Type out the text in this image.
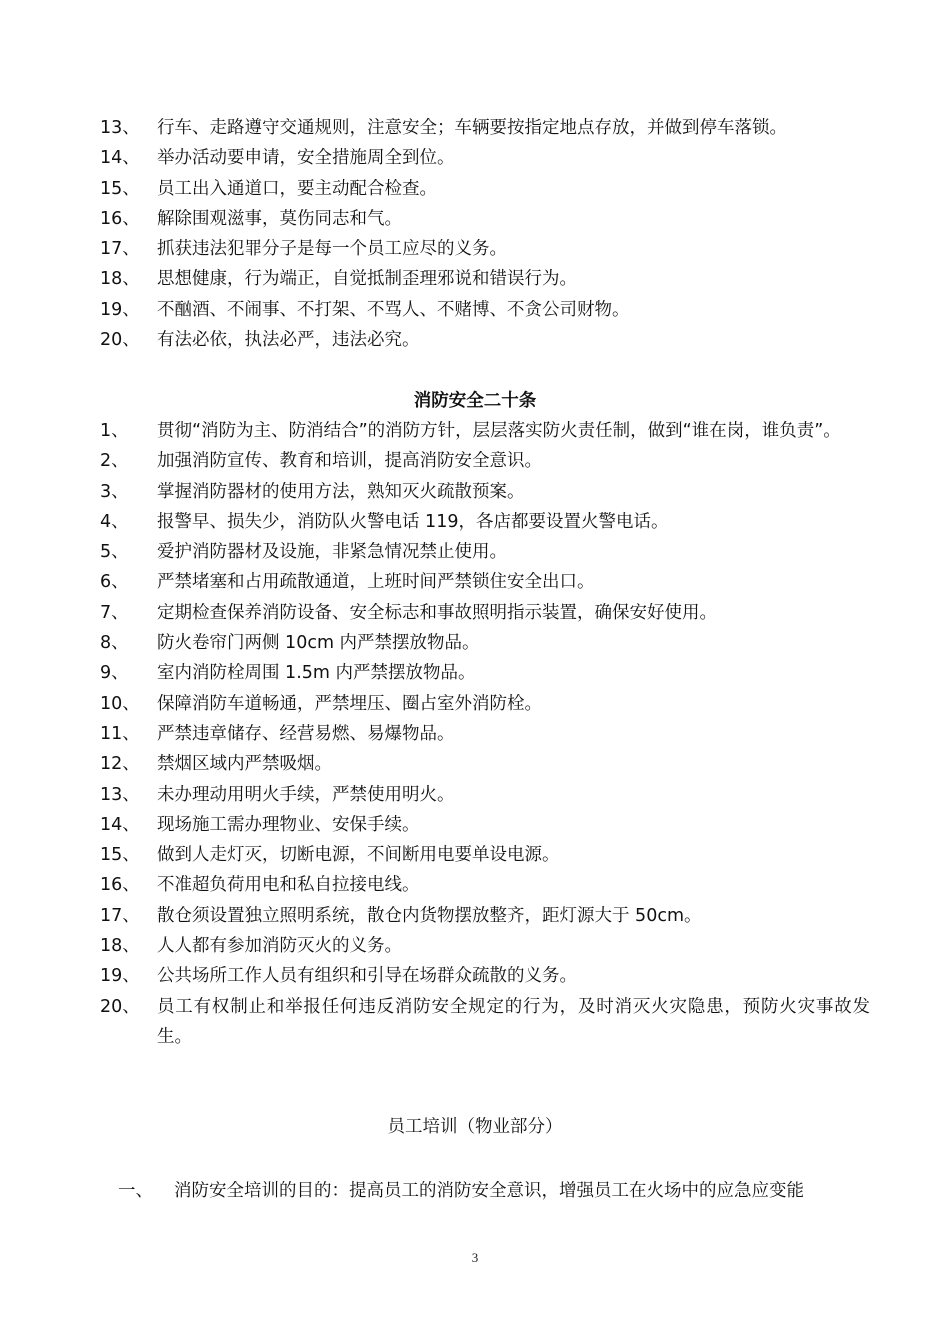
13、 行车、走路遵守交通规则，注意安全；车辆要按指定地点存放，并做到停车落锁。
14、 举办活动要申请，安全措施周全到位。
15、 员工出入通道口，要主动配合检查。
16、 解除围观滋事，莫伤同志和气。
17、 抓获违法犯罪分子是每一个员工应尽的义务。
18、 思想健康，行为端正，自觉抵制歪理邪说和错误行为。
19、 不酗酒、不闹事、不打架、不骂人、不赌博、不贪公司财物。
20、 有法必依，执法必严，违法必究。
消防安全二十条
1、	贯彻“消防为主、防消结合”的消防方针，层层落实防火责任制，做到“谁在岗，谁负责”。
2、	加强消防宣传、教育和培训，提高消防安全意识。
3、	掌握消防器材的使用方法，熟知灭火疏散预案。
4、	报警早、损失少，消防队火警电话 119，各店都要设置火警电话。
5、	爱护消防器材及设施，非紧急情况禁止使用。
6、	严禁堵塞和占用疏散通道，上班时间严禁锁住安全出口。
7、	定期检查保养消防设备、安全标志和事故照明指示装置，确保安好使用。
8、	防火卷帘门两侧 10cm 内严禁摆放物品。
9、	室内消防栓周围 1.5m 内严禁摆放物品。
10、 保障消防车道畅通，严禁埋压、圈占室外消防栓。
11、 严禁违章储存、经营易燃、易爆物品。
12、 禁烟区域内严禁吸烟。
13、 未办理动用明火手续，严禁使用明火。
14、 现场施工需办理物业、安保手续。
15、 做到人走灯灭，切断电源，不间断用电要单设电源。
16、 不准超负荷用电和私自拉接电线。
17、 散仓须设置独立照明系统，散仓内货物摆放整齐，距灯源大于 50cm。
18、 人人都有参加消防灭火的义务。
19、 公共场所工作人员有组织和引导在场群众疏散的义务。
20、 员工有权制止和举报任何违反消防安全规定的行为，及时消灭火灾隐患，预防火灾事故发生。
员工培训（物业部分）
一、	消防安全培训的目的：提高员工的消防安全意识，增强员工在火场中的应急应变能
3
